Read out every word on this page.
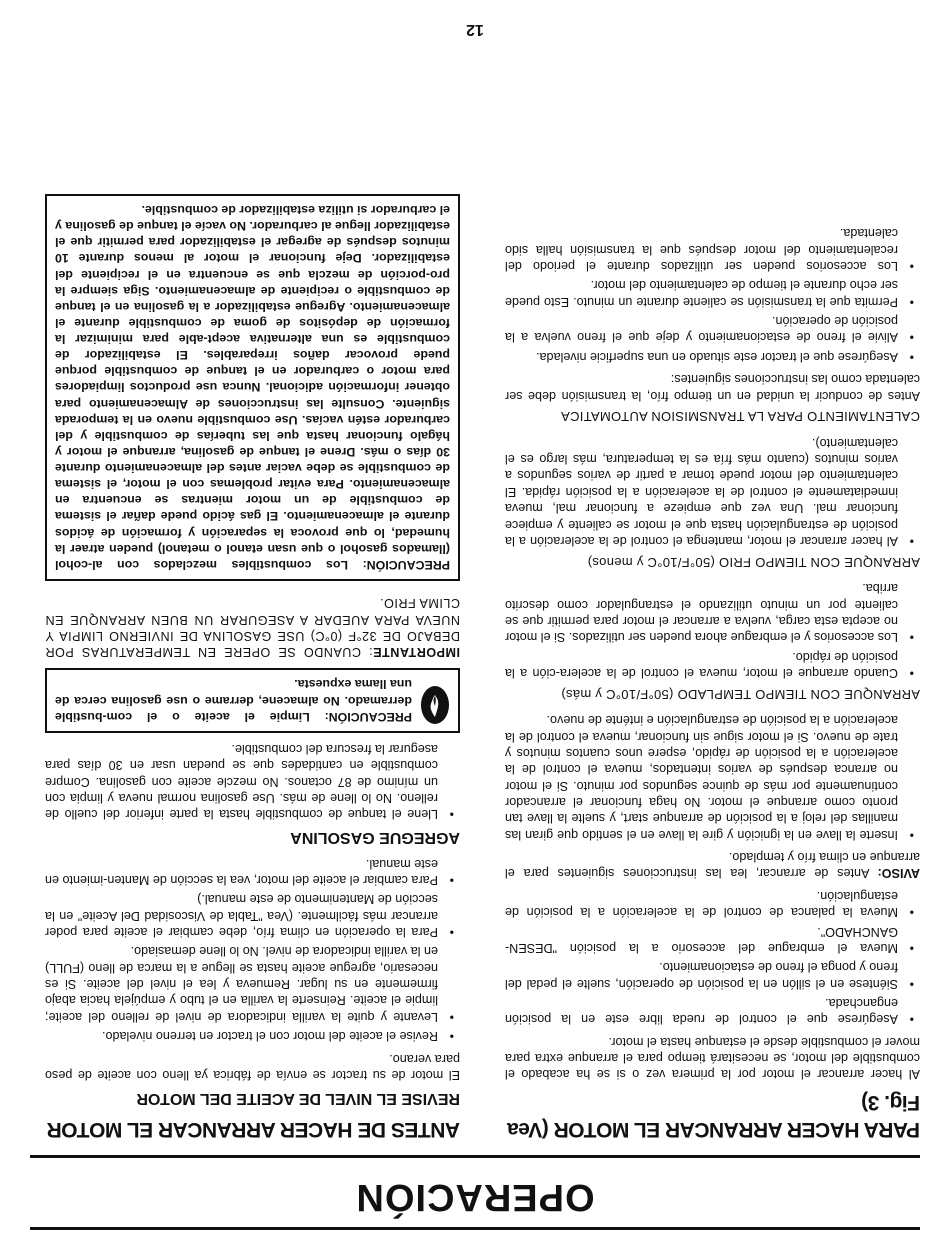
OPERACIÓN
PARA HACER ARRANCAR EL MOTOR (Vea Fig. 3)

Al hacer arrancar el motor por la primera vez o si se ha acabado el combustible del motor, se necesitará tiempo para el arranque extra para mover el combustible desde el estanque hasta el motor.

• Asegúrese que el control de rueda libre este en la posición enganchada.
• Siéntese en el sillón en la posición de operación, suelte el pedal del freno y ponga el freno de estacionamiento.
• Mueva el embrague del accesorio a la posición "DESEN-GANCHADO".
• Mueva la palanca de control de la aceleración a la posición de estangulación.

AVISO: Antes de arrancar, lea las instrucciones siguientes para el arranque en clima frío y templado.

• Inserte la llave en la ignición y gire la llave en el sentido que giran las manillas del reloj a la posición de arranque start, y suelte la llave tan pronto como arranque el motor. No haga funcionar el arrancador continuamente por más de quince segundos por minuto. Si el motor no arranca después de varios intentados, mueva el control de la aceleración a la posición de rápido, espere unos cuantos minutos y trate de nuevo. Si el motor sigue sin funcionar, mueva el control de la aceleración a la posición de estrangulación e inténte de nuevo.
ARRANQUE CON TIEMPO TEMPLADO (50°F/10°C y más)
• Cuando arranque el motor, mueva el control de la acelera-ción a la posición de rápido.
• Los accesorios y el embrague ahora pueden ser utilizados. Si el motor no acepta esta carga, vuelva a arrancar el motor para permitir que se caliente por un minuto utilizando el estrangulador como descrito arriba.
ARRANQUE CON TIEMPO FRIO (50°F/10°C y menos)
• Al hacer arrancar el motor, mantenga el control de la aceleración a la posición de estrangulación hasta que el motor se caliente y empiece funcionar mal. Una vez que empieze a funcionar mal, mueva inmediatamente el control de la aceleración a la posición rápida. El calentamiento del motor puede tomar a partir de varios segundos a varios minutos (cuanto más fría es la temperatura, más largo es el calentamiento).
CALENTAMIENTO PARA LA TRANSMISION AUTOMATICA

Antes de conducir la unidad en un tiempo frío, la transmisión debe ser calentada como las instrucciones siguientes:

• Asegúrese que el tractor este situado en una superficie nivelada.
• Alivie el freno de estacionamiento y deje que el freno vuelva a la posición de operación.
• Permita que la transmisión se caliente durante un minuto. Esto puede ser echo durante el tiempo de calentamiento del motor.
• Los accesorios pueden ser utilizados durante el periodo del recalentamiento del motor después que la transmisión halla sido calentada.
ANTES DE HACER ARRANCAR EL MOTOR
REVISE EL NIVEL DE ACEITE DEL MOTOR

El motor de su tractor se envía de fábrica ya lleno con aceite de peso para verano.

• Revise el aceite del motor con el tractor en terreno nivelado.
• Levante y quite la varilla indicadora de nivel de relleno del aceite; limpie el aceite. Reinserte la varilla en el tubo y empújela hacia abajo firmemente en su lugar. Remueva y lea el nivel del aceite. Si es necesario, agregue aceite hasta se llegue a la marca de lleno (FULL) en la varilla indicadora de nivel. No lo llene demasiado.
• Para la operación en clima frío, debe cambiar el aceite para poder arrancar más fácilmente. (Vea "Tabla de Viscosidad Del Aceite" en la sección de Mantenimento de este manual.)
• Para cambiar el aceite del motor, vea la sección de Manten-imiento en este manual.
AGREGUE GASOLINA
• Llene el tanque de combustible hasta la parte inferior del cuello de relleno. No lo llene de más. Use gasolina normal nueva y limpia con un mínimo de 87 octanos. No mezcle aceite con gasolina. Compre combustible en cantidades que se puedan usar en 30 días para asegurar la frescura del combustible.
PRECAUCIÓN: Limpie el aceite o el com-bustible derramado. No almacene, derrame o use gasolina cerca de una llama expuesta.

IMPORTANTE: CUANDO SE OPERE EN TEMPERATURAS POR DEBAJO DE 32°F (0°C) USE GASOLINA DE INVIERNO LIMPIA Y NUEVA PARA AUEDAR A ASEGURAR UN BUEN ARRANQUE EN CLIMA FRIO.

PRECAUCIÓN: Los combustibles mezclados con al-cohol (llamados gasohol o que usan etanol o metanol) pueden atraer la humedad, lo que provoca la separación y formación de ácidos durante el almacenamiento. El gas ácido puede dañar el sistema de combustible de un motor mientras se encuentra en almacenamiento. Para evitar problemas con el motor, el sistema de combustible se debe vaciar antes del almacenamiento durante 30 días o más. Drene el tanque de gasolina, arranque el motor y hágalo funcionar hasta que las tuberías de combustible y del carburador estén vacías. Use combustible nuevo en la temporada siguiente. Consulte las instrucciones de Almacenamiento para obtener información adicional. Nunca use productos limpiadores para motor o carburador en el tanque de combustible porque puede provocar daños irreparables. El estabilizador de combustible es una alternativa acept-able para minimizar la formación de depósitos de goma de combustible durante el almacenamiento. Agregue estabilizador a la gasolina en el tanque de combustible o recipiente de almacenamiento. Siga siempre la pro-porción de mezcla que se encuentra en el recipiente del estabilizador. Deje funcionar el motor al menos durante 10 minutos después de agregar el estabilizador para permitir que el estabilizador llegue al carburador. No vacíe el tanque de gasolina y el carburador si utiliza estabilizador de combustible.
12
